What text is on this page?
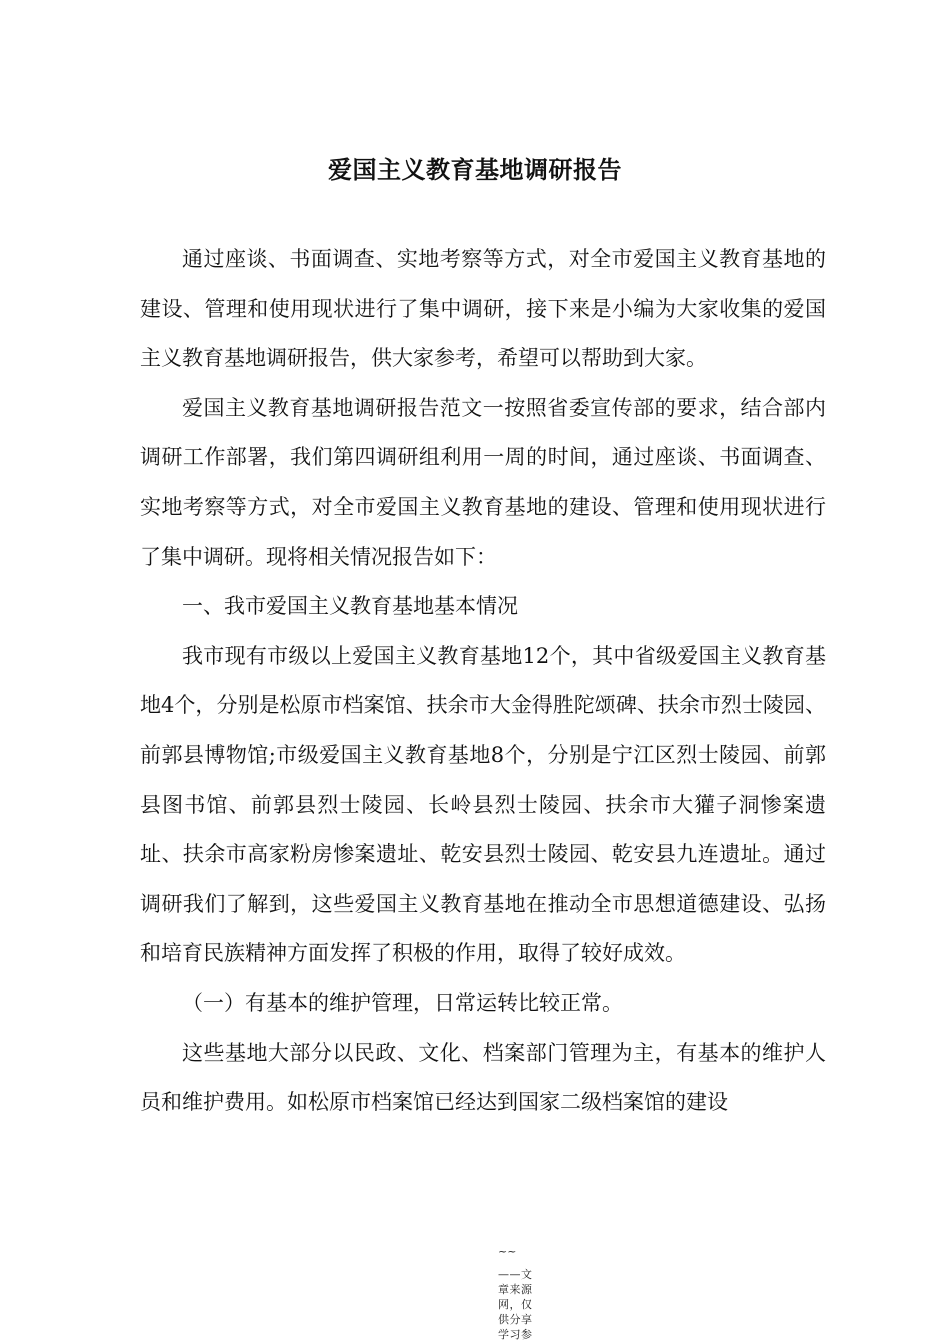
爱国主义教育基地调研报告

通过座谈、书面调查、实地考察等方式，对全市爱国主义教育基地的建设、管理和使用现状进行了集中调研，接下来是小编为大家收集的爱国主义教育基地调研报告，供大家参考，希望可以帮助到大家。

爱国主义教育基地调研报告范文一按照省委宣传部的要求，结合部内调研工作部署，我们第四调研组利用一周的时间，通过座谈、书面调查、实地考察等方式，对全市爱国主义教育基地的建设、管理和使用现状进行了集中调研。现将相关情况报告如下：

一、我市爱国主义教育基地基本情况

我市现有市级以上爱国主义教育基地12个，其中省级爱国主义教育基地4个，分别是松原市档案馆、扶余市大金得胜陀颂碑、扶余市烈士陵园、前郭县博物馆;市级爱国主义教育基地8个，分别是宁江区烈士陵园、前郭县图书馆、前郭县烈士陵园、长岭县烈士陵园、扶余市大獾子洞惨案遗址、扶余市高家粉房惨案遗址、乾安县烈士陵园、乾安县九连遗址。通过调研我们了解到，这些爱国主义教育基地在推动全市思想道德建设、弘扬和培育民族精神方面发挥了积极的作用，取得了较好成效。

（一）有基本的维护管理，日常运转比较正常。

这些基地大部分以民政、文化、档案部门管理为主，有基本的维护人员和维护费用。如松原市档案馆已经达到国家二级档案馆的建设

~~
——文章来源网，仅供分享学习参
